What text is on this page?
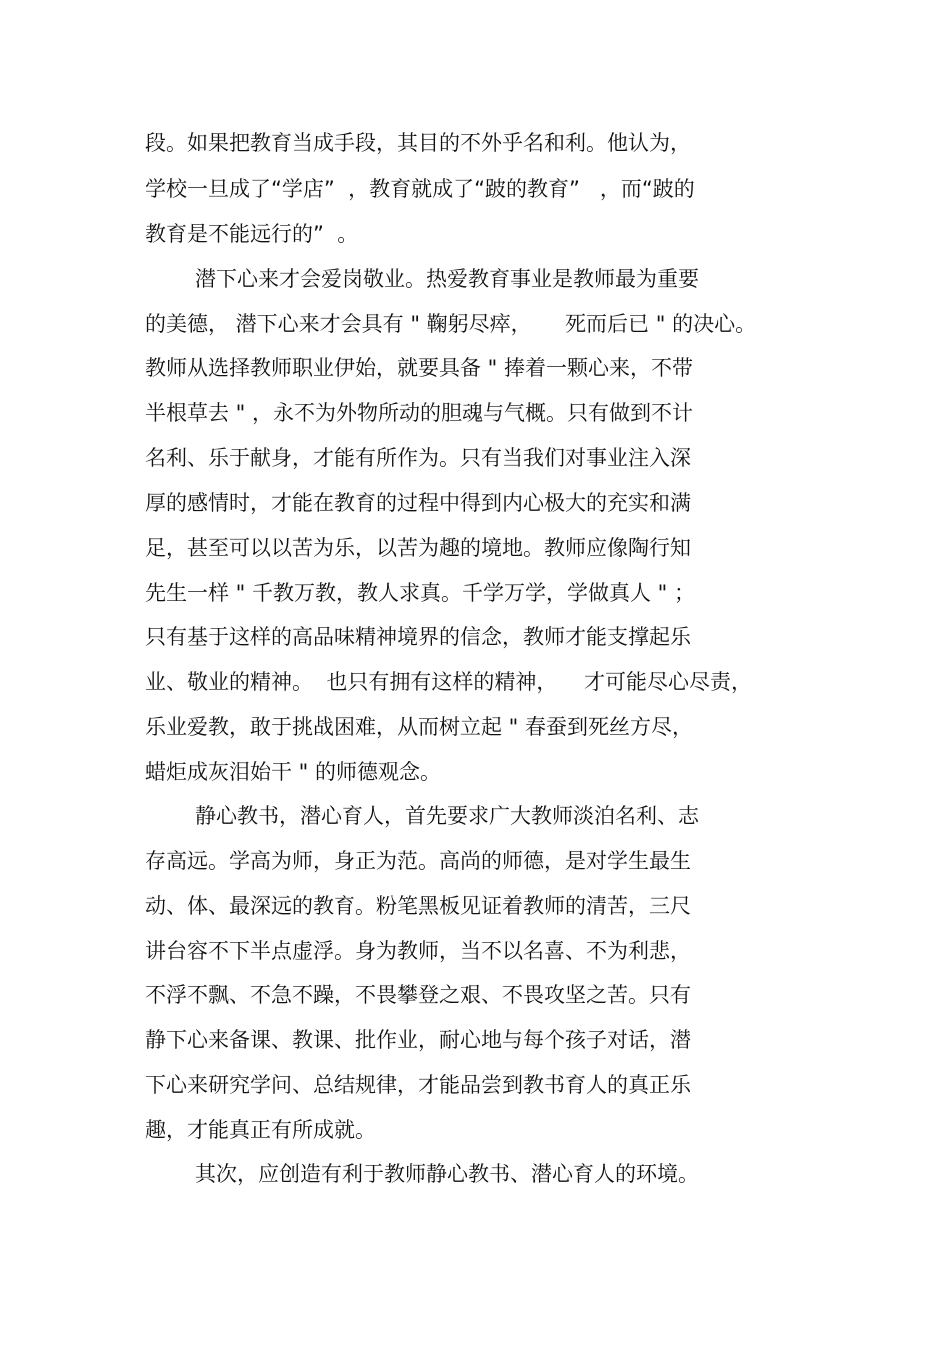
段。如果把教育当成手段，其目的不外乎名和利。他认为，
学校一旦成了“学店”  ，教育就成了“跛的教育”   ，而“跛的
教育是不能远行的”  。
潜下心来才会爱岗敬业。热爱教育事业是教师最为重要
的美德， 潜下心来才会具有 " 鞠躬尽瘁，     死而后已 " 的决心。
教师从选择教师职业伊始，就要具备 " 捧着一颗心来，不带
半根草去 " ，永不为外物所动的胆魂与气概。只有做到不计
名利、乐于献身，才能有所作为。只有当我们对事业注入深
厚的感情时，才能在教育的过程中得到内心极大的充实和满
足，甚至可以以苦为乐，以苦为趣的境地。教师应像陶行知
先生一样 " 千教万教，教人求真。千学万学，学做真人 " ；
只有基于这样的高品味精神境界的信念，教师才能支撑起乐
业、敬业的精神。  也只有拥有这样的精神，    才可能尽心尽责，
乐业爱教，敢于挑战困难，从而树立起 " 春蚕到死丝方尽，
蜡炬成灰泪始干 " 的师德观念。
静心教书，潜心育人，首先要求广大教师淡泊名利、志
存高远。学高为师，身正为范。高尚的师德，是对学生最生
动、体、最深远的教育。粉笔黑板见证着教师的清苦，三尺
讲台容不下半点虚浮。身为教师，当不以名喜、不为利悲，
不浮不飘、不急不躁，不畏攀登之艰、不畏攻坚之苦。只有
静下心来备课、教课、批作业，耐心地与每个孩子对话，潜
下心来研究学问、总结规律，才能品尝到教书育人的真正乐
趣，才能真正有所成就。
其次，应创造有利于教师静心教书、潜心育人的环境。
